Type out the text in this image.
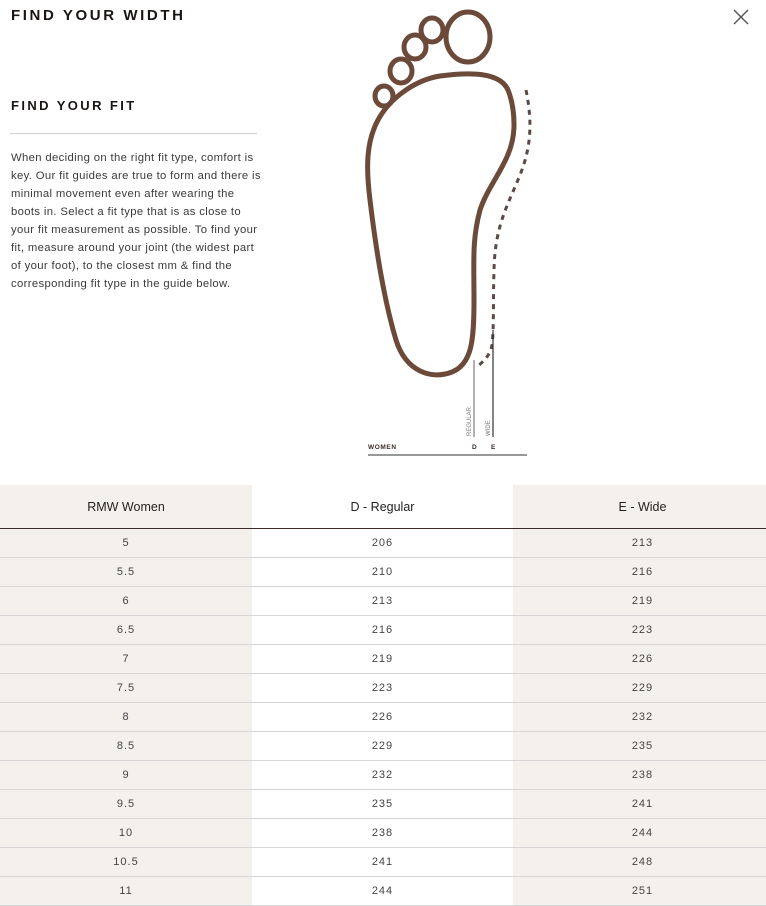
FIND YOUR WIDTH
FIND YOUR FIT

When deciding on the right fit type, comfort is key. Our fit guides are true to form and there is minimal movement even after wearing the boots in. Select a fit type that is as close to your fit measurement as possible. To find your fit, measure around your joint (the widest part of your foot), to the closest mm & find the corresponding fit type in the guide below.

REGULAR WIDE
WOMEN	D E
RMW Women	D - Regular	E - Wide
5	206	213
5.5	210	216
6	213	219
6.5	216	223
7	219	226
7.5	223	229
8	226	232
8.5	229	235
9	232	238
9.5	235	241
10	238	244
10.5	241	248
11	244	251
